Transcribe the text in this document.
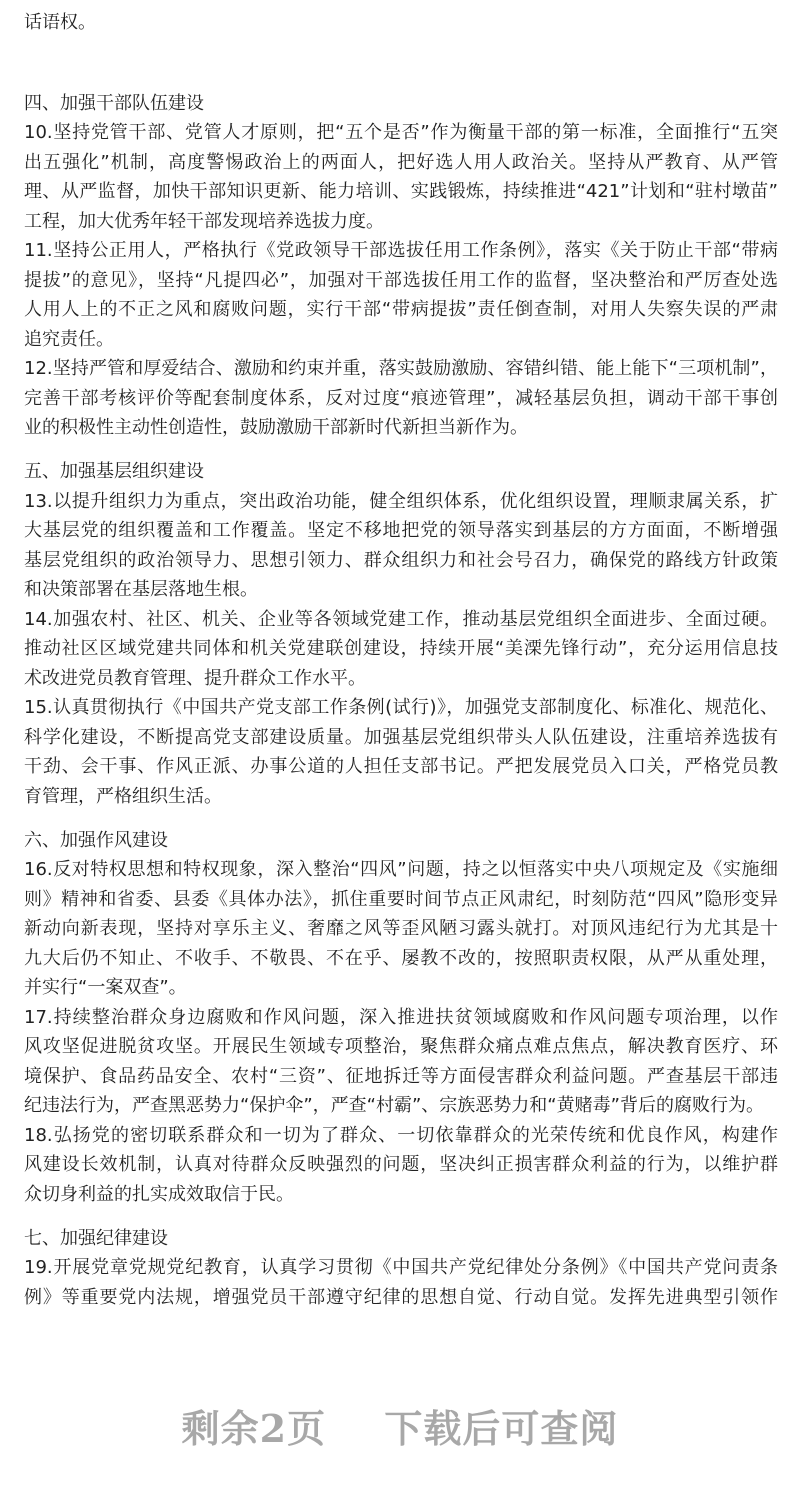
话语权。
四、加强干部队伍建设
10.坚持党管干部、党管人才原则，把“五个是否”作为衡量干部的第一标准，全面推行“五突
出五强化”机制，高度警惕政治上的两面人，把好选人用人政治关。坚持从严教育、从严管
理、从严监督，加快干部知识更新、能力培训、实践锻炼，持续推进“421”计划和“驻村墩苗”
工程，加大优秀年轻干部发现培养选拔力度。
11.坚持公正用人，严格执行《党政领导干部选拔任用工作条例》，落实《关于防止干部“带病
提拔”的意见》，坚持“凡提四必”，加强对干部选拔任用工作的监督，坚决整治和严厉查处选
人用人上的不正之风和腐败问题，实行干部“带病提拔”责任倒查制，对用人失察失误的严肃
追究责任。
12.坚持严管和厚爱结合、激励和约束并重，落实鼓励激励、容错纠错、能上能下“三项机制”，
完善干部考核评价等配套制度体系，反对过度“痕迹管理”，减轻基层负担，调动干部干事创
业的积极性主动性创造性，鼓励激励干部新时代新担当新作为。
五、加强基层组织建设
13.以提升组织力为重点，突出政治功能，健全组织体系，优化组织设置，理顺隶属关系，扩
大基层党的组织覆盖和工作覆盖。坚定不移地把党的领导落实到基层的方方面面，不断增强
基层党组织的政治领导力、思想引领力、群众组织力和社会号召力，确保党的路线方针政策
和决策部署在基层落地生根。
14.加强农村、社区、机关、企业等各领域党建工作，推动基层党组织全面进步、全面过硬。
推动社区区域党建共同体和机关党建联创建设，持续开展“美溧先锋行动”，充分运用信息技
术改进党员教育管理、提升群众工作水平。
15.认真贯彻执行《中国共产党支部工作条例(试行)》，加强党支部制度化、标准化、规范化、
科学化建设，不断提高党支部建设质量。加强基层党组织带头人队伍建设，注重培养选拔有
干劲、会干事、作风正派、办事公道的人担任支部书记。严把发展党员入口关，严格党员教
育管理，严格组织生活。
六、加强作风建设
16.反对特权思想和特权现象，深入整治“四风”问题，持之以恒落实中央八项规定及《实施细
则》精神和省委、县委《具体办法》，抓住重要时间节点正风肃纪，时刻防范“四风”隐形变异
新动向新表现，坚持对享乐主义、奢靡之风等歪风陋习露头就打。对顶风违纪行为尤其是十
九大后仍不知止、不收手、不敬畏、不在乎、屡教不改的，按照职责权限，从严从重处理，
并实行“一案双查”。
17.持续整治群众身边腐败和作风问题，深入推进扶贫领域腐败和作风问题专项治理，以作
风攻坚促进脱贫攻坚。开展民生领域专项整治，聚焦群众痛点难点焦点，解决教育医疗、环
境保护、食品药品安全、农村“三资”、征地拆迁等方面侵害群众利益问题。严查基层干部违
纪违法行为，严查黑恶势力“保护伞”，严查“村霸”、宗族恶势力和“黄赌毒”背后的腐败行为。
18.弘扬党的密切联系群众和一切为了群众、一切依靠群众的光荣传统和优良作风，构建作
风建设长效机制，认真对待群众反映强烈的问题，坚决纠正损害群众利益的行为，以维护群
众切身利益的扎实成效取信于民。
七、加强纪律建设
19.开展党章党规党纪教育，认真学习贯彻《中国共产党纪律处分条例》《中国共产党问责条
例》等重要党内法规，增强党员干部遵守纪律的思想自觉、行动自觉。发挥先进典型引领作
剩余2页 下载后可查阅
